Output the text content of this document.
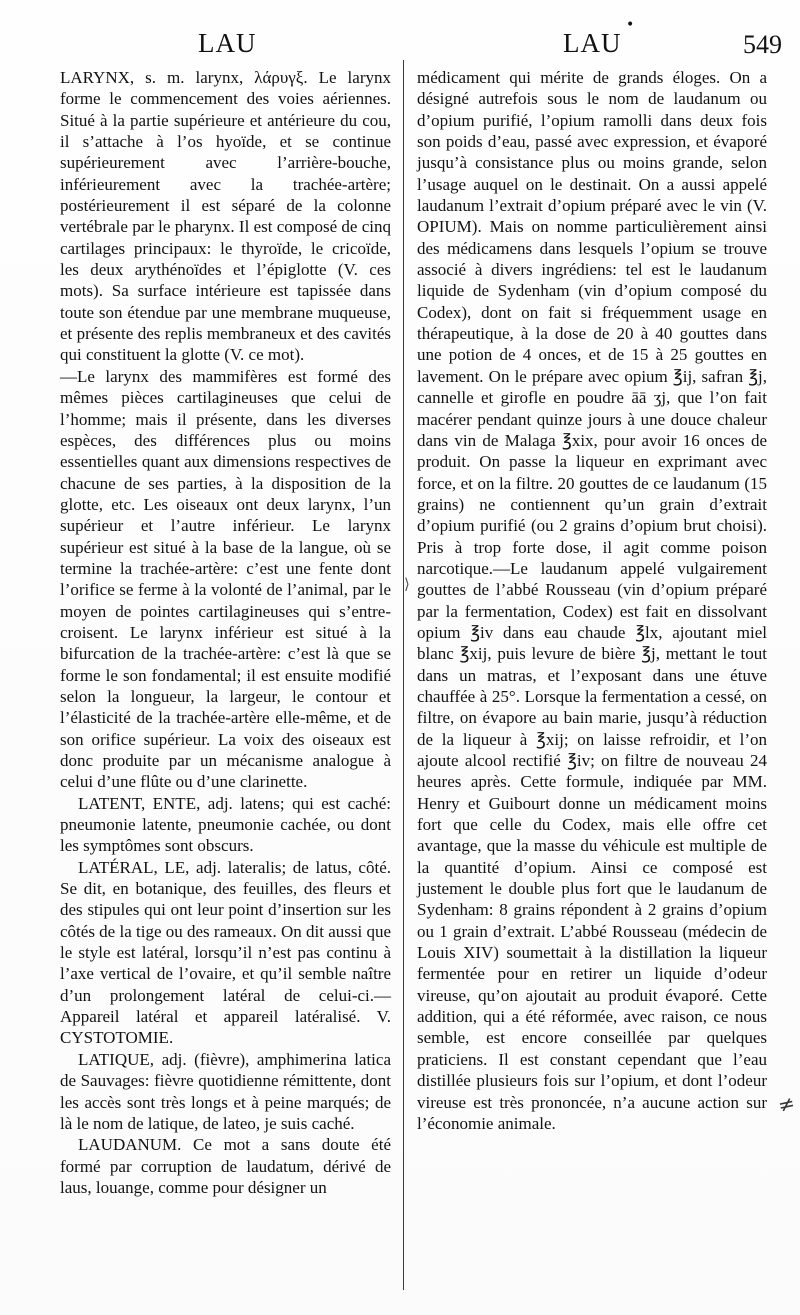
LAU	LAU
•
549

LARYNX, s. m. larynx, λάρυγξ. Le larynx forme le commencement des voies aériennes. Situé à la partie supérieure et antérieure du cou, il s’attache à l’os hyoïde, et se continue supérieurement avec l’arrière-bouche, inférieurement avec la trachée-artère; postérieurement il est séparé de la colonne vertébrale par le pharynx. Il est composé de cinq cartilages principaux: le thyroïde, le cricoïde, les deux arythénoïdes et l’épiglotte (V. ces mots). Sa surface intérieure est tapissée dans toute son étendue par une membrane muqueuse, et présente des replis membraneux et des cavités qui constituent la glotte (V. ce mot).

—Le larynx des mammifères est formé des mêmes pièces cartilagineuses que celui de l’homme; mais il présente, dans les diverses espèces, des différences plus ou moins essentielles quant aux dimensions respectives de chacune de ses parties, à la disposition de la glotte, etc. Les oiseaux ont deux larynx, l’un supérieur et l’autre inférieur. Le larynx supérieur est situé à la base de la langue, où se termine la trachée-artère: c’est une fente dont l’orifice se ferme à la volonté de l’animal, par le moyen de pointes cartilagineuses qui s’entre-croisent. Le larynx inférieur est situé à la bifurcation de la trachée-artère: c’est là que se forme le son fondamental; il est ensuite modifié selon la longueur, la largeur, le contour et l’élasticité de la trachée-artère elle-même, et de son orifice supérieur. La voix des oiseaux est donc produite par un mécanisme analogue à celui d’une flûte ou d’une clarinette.

LATENT, ENTE, adj. latens; qui est caché: pneumonie latente, pneumonie cachée, ou dont les symptômes sont obscurs.

LATÉRAL, LE, adj. lateralis; de latus, côté. Se dit, en botanique, des feuilles, des fleurs et des stipules qui ont leur point d’insertion sur les côtés de la tige ou des rameaux. On dit aussi que le style est latéral, lorsqu’il n’est pas continu à l’axe vertical de l’ovaire, et qu’il semble naître d’un prolongement latéral de celui-ci.— Appareil latéral et appareil latéralisé. V. CYSTOTOMIE.

LATIQUE, adj. (fièvre), amphimerina latica de Sauvages: fièvre quotidienne rémittente, dont les accès sont très longs et à peine marqués; de là le nom de latique, de lateo, je suis caché.

LAUDANUM. Ce mot a sans doute été formé par corruption de laudatum, dérivé de laus, louange, comme pour désigner un

médicament qui mérite de grands éloges. On a désigné autrefois sous le nom de laudanum ou d’opium purifié, l’opium ramolli dans deux fois son poids d’eau, passé avec expression, et évaporé jusqu’à consistance plus ou moins grande, selon l’usage auquel on le destinait. On a aussi appelé laudanum l’extrait d’opium préparé avec le vin (V. OPIUM). Mais on nomme particulièrement ainsi des médicamens dans lesquels l’opium se trouve associé à divers ingrédiens: tel est le laudanum liquide de Sydenham (vin d’opium composé du Codex), dont on fait si fréquemment usage en thérapeutique, à la dose de 20 à 40 gouttes dans une potion de 4 onces, et de 15 à 25 gouttes en lavement. On le prépare avec opium ℥ij, safran ℥j, cannelle et girofle en poudre āā ʒj, que l’on fait macérer pendant quinze jours à une douce chaleur dans vin de Malaga ℥xix, pour avoir 16 onces de produit. On passe la liqueur en exprimant avec force, et on la filtre. 20 gouttes de ce laudanum (15 grains) ne contiennent qu’un grain d’extrait d’opium purifié (ou 2 grains d’opium brut choisi). Pris à trop forte dose, il agit comme poison narcotique.—Le laudanum appelé vulgairement gouttes de l’abbé Rousseau (vin d’opium préparé par la fermentation, Codex) est fait en dissolvant opium ℥iv dans eau chaude ℥lx, ajoutant miel blanc ℥xij, puis levure de bière ℥j, mettant le tout dans un matras, et l’exposant dans une étuve chauffée à 25°. Lorsque la fermentation a cessé, on filtre, on évapore au bain marie, jusqu’à réduction de la liqueur à ℥xij; on laisse refroidir, et l’on ajoute alcool rectifié ℥iv; on filtre de nouveau 24 heures après. Cette formule, indiquée par MM. Henry et Guibourt donne un médicament moins fort que celle du Codex, mais elle offre cet avantage, que la masse du véhicule est multiple de la quantité d’opium. Ainsi ce composé est justement le double plus fort que le laudanum de Sydenham: 8 grains répondent à 2 grains d’opium ou 1 grain d’extrait. L’abbé Rousseau (médecin de Louis XIV) soumettait à la distillation la liqueur fermentée pour en retirer un liquide d’odeur vireuse, qu’on ajoutait au produit évaporé. Cette addition, qui a été réformée, avec raison, ce nous semble, est encore conseillée par quelques praticiens. Il est constant cependant que l’eau distillée plusieurs fois sur l’opium, et dont l’odeur vireuse est très prononcée, n’a aucune action sur l’économie animale.

⟩
≠
